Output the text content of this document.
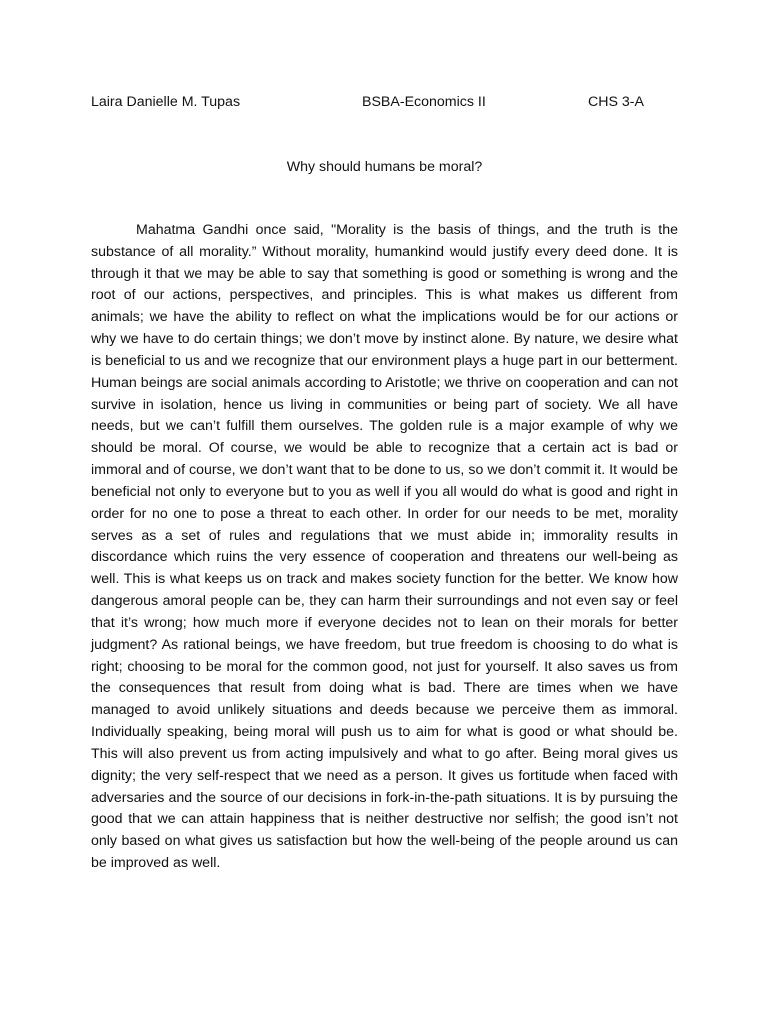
Laira Danielle M. Tupas	BSBA-Economics II	CHS 3-A
Why should humans be moral?

Mahatma Gandhi once said, "Morality is the basis of things, and the truth is the substance of all morality.” Without morality, humankind would justify every deed done. It is through it that we may be able to say that something is good or something is wrong and the root of our actions, perspectives, and principles. This is what makes us different from animals; we have the ability to reflect on what the implications would be for our actions or why we have to do certain things; we don’t move by instinct alone. By nature, we desire what is beneficial to us and we recognize that our environment plays a huge part in our betterment. Human beings are social animals according to Aristotle; we thrive on cooperation and can not survive in isolation, hence us living in communities or being part of society. We all have needs, but we can’t fulfill them ourselves. The golden rule is a major example of why we should be moral. Of course, we would be able to recognize that a certain act is bad or immoral and of course, we don’t want that to be done to us, so we don’t commit it. It would be beneficial not only to everyone but to you as well if you all would do what is good and right in order for no one to pose a threat to each other. In order for our needs to be met, morality serves as a set of rules and regulations that we must abide in; immorality results in discordance which ruins the very essence of cooperation and threatens our well-being as well. This is what keeps us on track and makes society function for the better. We know how dangerous amoral people can be, they can harm their surroundings and not even say or feel that it’s wrong; how much more if everyone decides not to lean on their morals for better judgment? As rational beings, we have freedom, but true freedom is choosing to do what is right; choosing to be moral for the common good, not just for yourself. It also saves us from the consequences that result from doing what is bad. There are times when we have managed to avoid unlikely situations and deeds because we perceive them as immoral. Individually speaking, being moral will push us to aim for what is good or what should be. This will also prevent us from acting impulsively and what to go after. Being moral gives us dignity; the very self-respect that we need as a person. It gives us fortitude when faced with adversaries and the source of our decisions in fork-in-the-path situations. It is by pursuing the good that we can attain happiness that is neither destructive nor selfish; the good isn’t not only based on what gives us satisfaction but how the well-being of the people around us can be improved as well.
